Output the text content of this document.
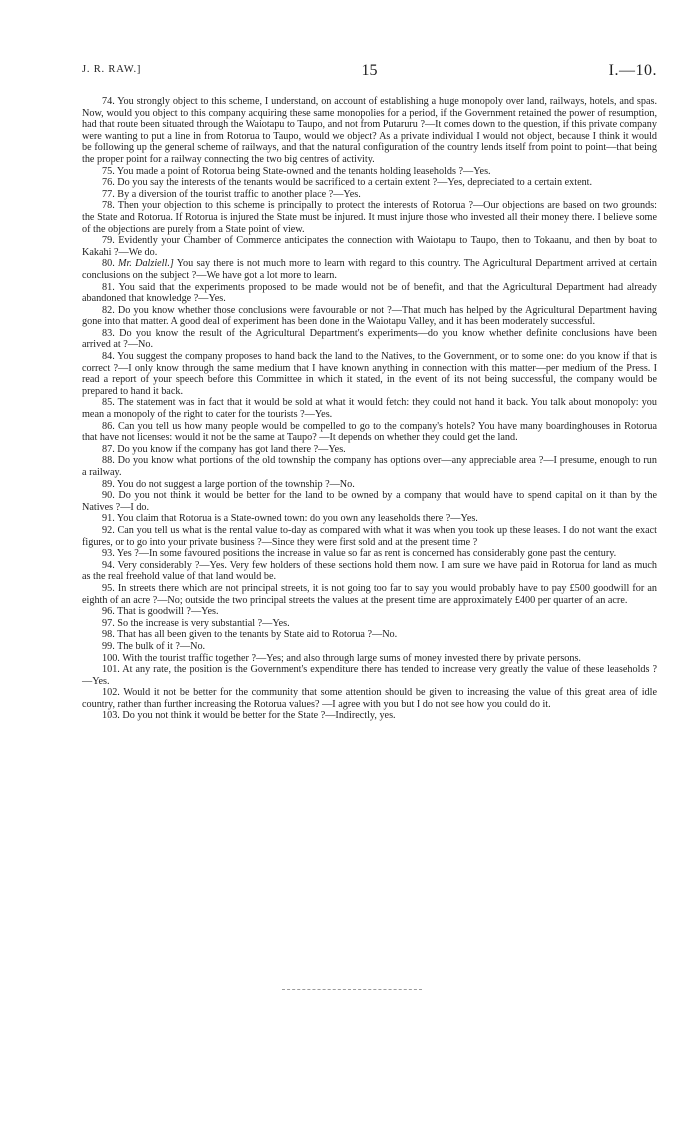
J. R. RAW.]	15	I.—10.

74. You strongly object to this scheme, I understand, on account of establishing a huge monopoly over land, railways, hotels, and spas. Now, would you object to this company acquiring these same monopolies for a period, if the Government retained the power of resumption, had that route been situated through the Waiotapu to Taupo, and not from Putaruru ?—It comes down to the question, if this private company were wanting to put a line in from Rotorua to Taupo, would we object? As a private individual I would not object, because I think it would be following up the general scheme of railways, and that the natural configuration of the country lends itself from point to point—that being the proper point for a railway connecting the two big centres of activity.

75. You made a point of Rotorua being State-owned and the tenants holding leaseholds ?—Yes.

76. Do you say the interests of the tenants would be sacrificed to a certain extent ?—Yes, depreciated to a certain extent.

77. By a diversion of the tourist traffic to another place ?—Yes.

78. Then your objection to this scheme is principally to protect the interests of Rotorua ?—Our objections are based on two grounds: the State and Rotorua. If Rotorua is injured the State must be injured. It must injure those who invested all their money there. I believe some of the objections are purely from a State point of view.

79. Evidently your Chamber of Commerce anticipates the connection with Waiotapu to Taupo, then to Tokaanu, and then by boat to Kakahi ?—We do.

80. Mr. Dalziell.] You say there is not much more to learn with regard to this country. The Agricultural Department arrived at certain conclusions on the subject ?—We have got a lot more to learn.

81. You said that the experiments proposed to be made would not be of benefit, and that the Agricultural Department had already abandoned that knowledge ?—Yes.

82. Do you know whether those conclusions were favourable or not ?—That much has helped by the Agricultural Department having gone into that matter. A good deal of experiment has been done in the Waiotapu Valley, and it has been moderately successful.

83. Do you know the result of the Agricultural Department's experiments—do you know whether definite conclusions have been arrived at ?—No.

84. You suggest the company proposes to hand back the land to the Natives, to the Government, or to some one: do you know if that is correct ?—I only know through the same medium that I have known anything in connection with this matter—per medium of the Press. I read a report of your speech before this Committee in which it stated, in the event of its not being successful, the company would be prepared to hand it back.

85. The statement was in fact that it would be sold at what it would fetch: they could not hand it back. You talk about monopoly: you mean a monopoly of the right to cater for the tourists ?—Yes.

86. Can you tell us how many people would be compelled to go to the company's hotels? You have many boardinghouses in Rotorua that have not licenses: would it not be the same at Taupo? —It depends on whether they could get the land.

87. Do you know if the company has got land there ?—Yes.

88. Do you know what portions of the old township the company has options over—any appreciable area ?—I presume, enough to run a railway.

89. You do not suggest a large portion of the township ?—No.

90. Do you not think it would be better for the land to be owned by a company that would have to spend capital on it than by the Natives ?—I do.

91. You claim that Rotorua is a State-owned town: do you own any leaseholds there ?—Yes.

92. Can you tell us what is the rental value to-day as compared with what it was when you took up these leases. I do not want the exact figures, or to go into your private business ?—Since they were first sold and at the present time ?

93. Yes ?—In some favoured positions the increase in value so far as rent is concerned has considerably gone past the century.

94. Very considerably ?—Yes. Very few holders of these sections hold them now. I am sure we have paid in Rotorua for land as much as the real freehold value of that land would be.

95. In streets there which are not principal streets, it is not going too far to say you would probably have to pay £500 goodwill for an eighth of an acre ?—No; outside the two principal streets the values at the present time are approximately £400 per quarter of an acre.

96. That is goodwill ?—Yes.

97. So the increase is very substantial ?—Yes.

98. That has all been given to the tenants by State aid to Rotorua ?—No.

99. The bulk of it ?—No.

100. With the tourist traffic together ?—Yes; and also through large sums of money invested there by private persons.

101. At any rate, the position is the Government's expenditure there has tended to increase very greatly the value of these leaseholds ?—Yes.

102. Would it not be better for the community that some attention should be given to increasing the value of this great area of idle country, rather than further increasing the Rotorua values? —I agree with you but I do not see how you could do it.

103. Do you not think it would be better for the State ?—Indirectly, yes.
